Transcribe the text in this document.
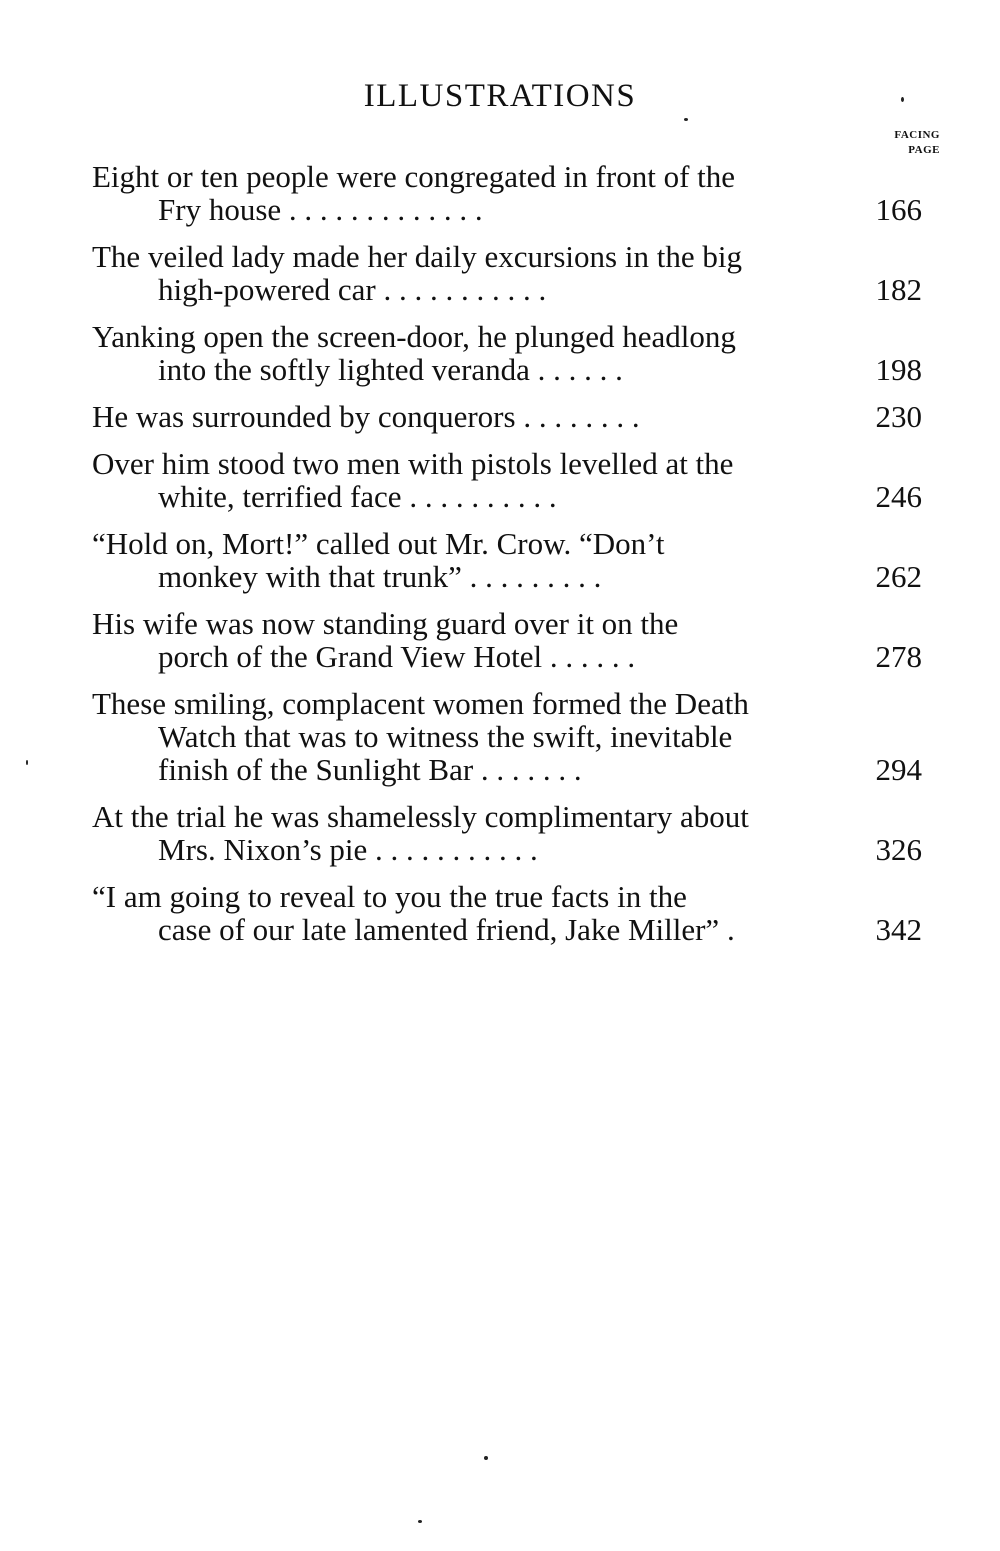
ILLUSTRATIONS
FACING
PAGE
Eight or ten people were congregated in front of the
Fry house . . . . . . . . . . . . .	166
The veiled lady made her daily excursions in the big
high-powered car . . . . . . . . . . .	182
Yanking open the screen-door, he plunged headlong
into the softly lighted veranda . . . . . .	198
He was surrounded by conquerors . . . . . . . .	230
Over him stood two men with pistols levelled at the
white, terrified face . . . . . . . . . .	246
“Hold on, Mort!” called out Mr. Crow. “Don’t
monkey with that trunk” . . . . . . . . .	262
His wife was now standing guard over it on the
porch of the Grand View Hotel . . . . . .	278
These smiling, complacent women formed the Death
Watch that was to witness the swift, inevitable
finish of the Sunlight Bar . . . . . . .	294
At the trial he was shamelessly complimentary about
Mrs. Nixon’s pie . . . . . . . . . . .	326
“I am going to reveal to you the true facts in the
case of our late lamented friend, Jake Miller” .	342
